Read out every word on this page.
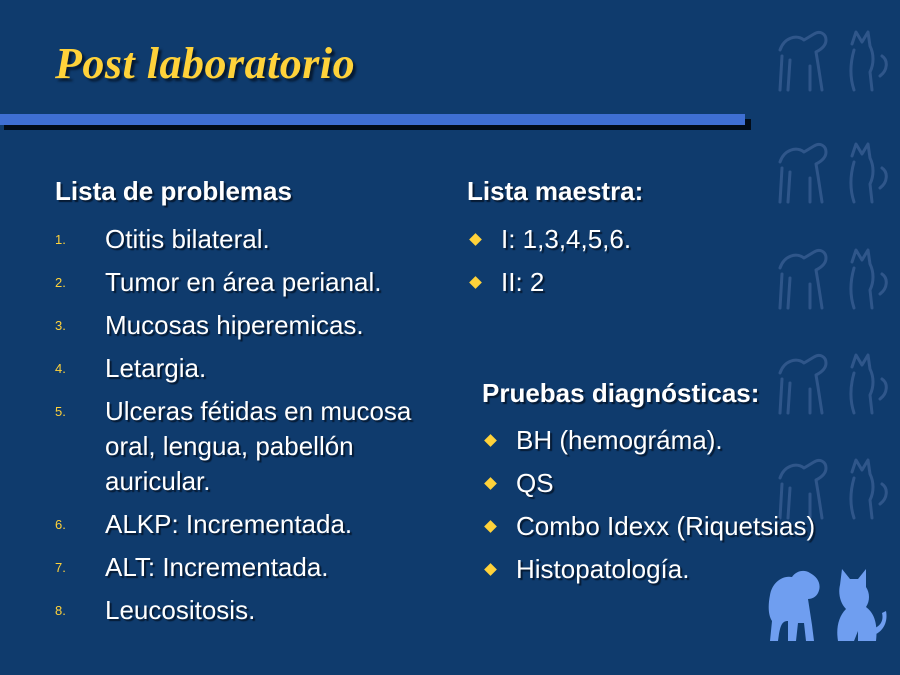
Post laboratorio
Lista de problemas
1. Otitis bilateral.
2. Tumor en área perianal.
3. Mucosas hiperemicas.
4. Letargia.
5. Ulceras fétidas en mucosa oral, lengua, pabellón auricular.
6. ALKP: Incrementada.
7. ALT: Incrementada.
8. Leucositosis.
Lista maestra:
I: 1,3,4,5,6.
II: 2
Pruebas diagnósticas:
BH (hemográma).
QS
Combo Idexx (Riquetsias)
Histopatología.
